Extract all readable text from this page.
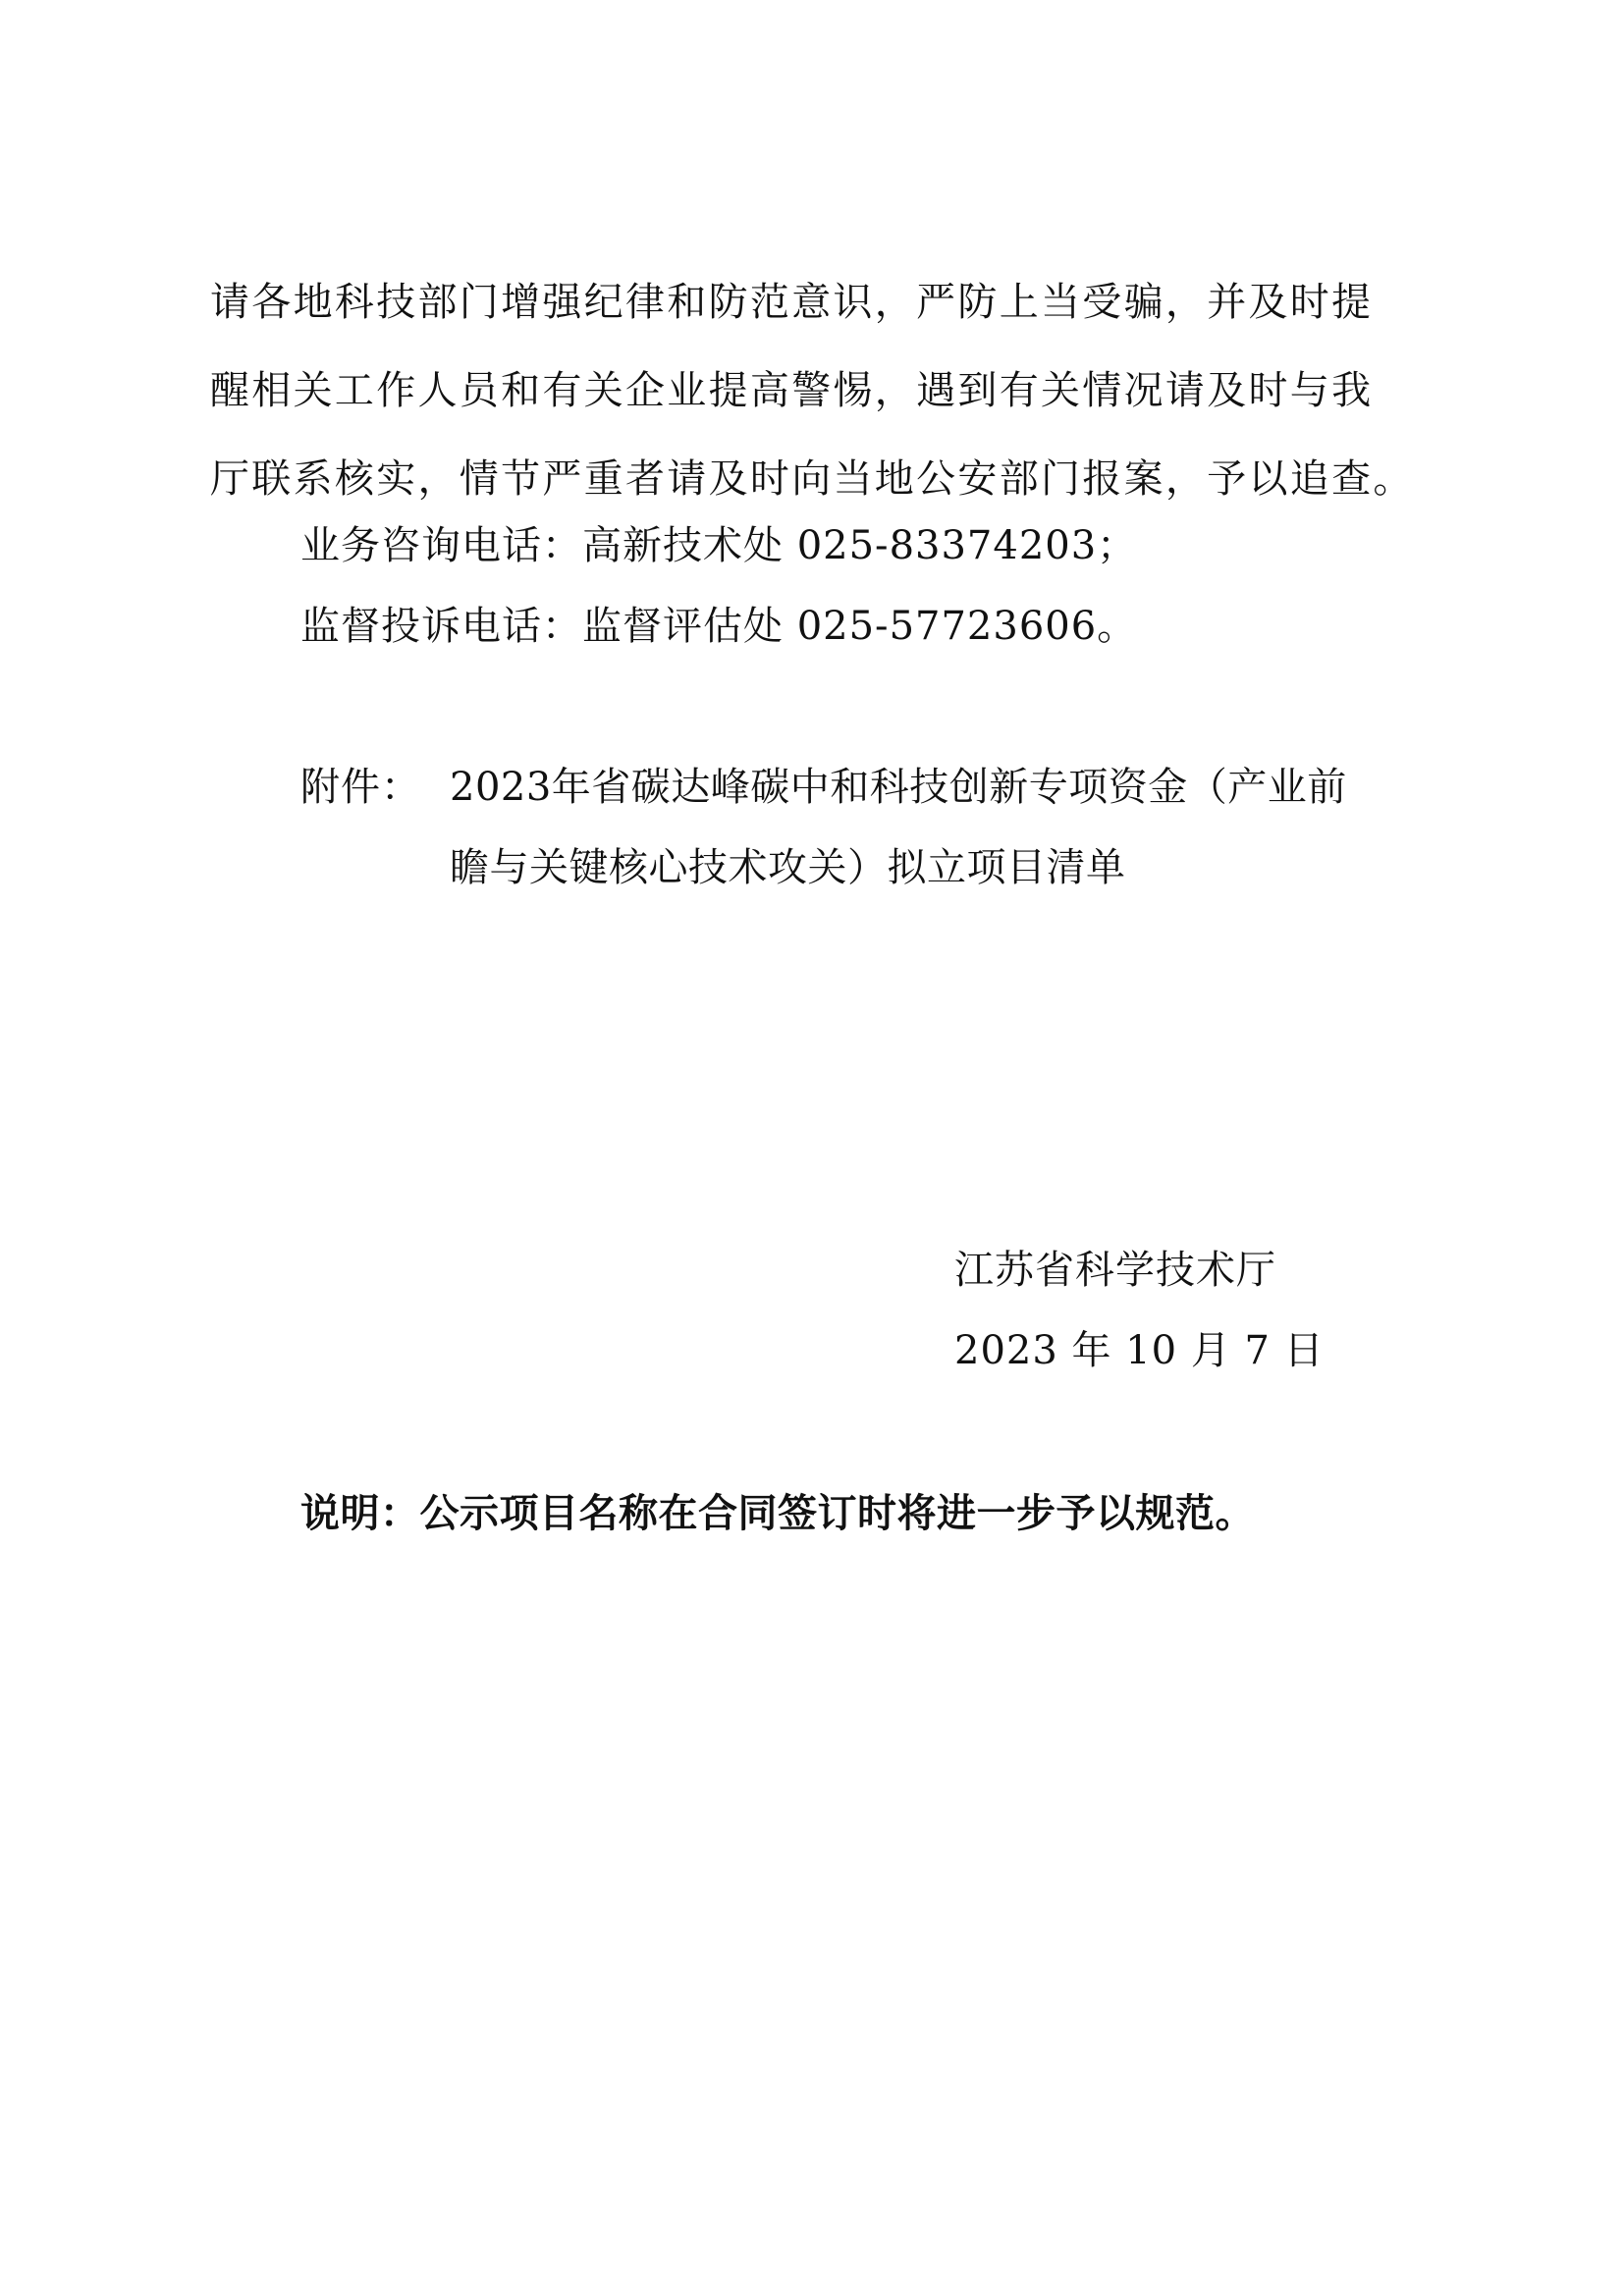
请各地科技部门增强纪律和防范意识，严防上当受骗，并及时提
醒相关工作人员和有关企业提高警惕，遇到有关情况请及时与我
厅联系核实，情节严重者请及时向当地公安部门报案，予以追查。
业务咨询电话：高新技术处 025-83374203；
监督投诉电话：监督评估处 025-57723606。
附件： 2023年省碳达峰碳中和科技创新专项资金（产业前
瞻与关键核心技术攻关）拟立项目清单
江苏省科学技术厅
2023 年 10 月 7 日
说明：公示项目名称在合同签订时将进一步予以规范。
